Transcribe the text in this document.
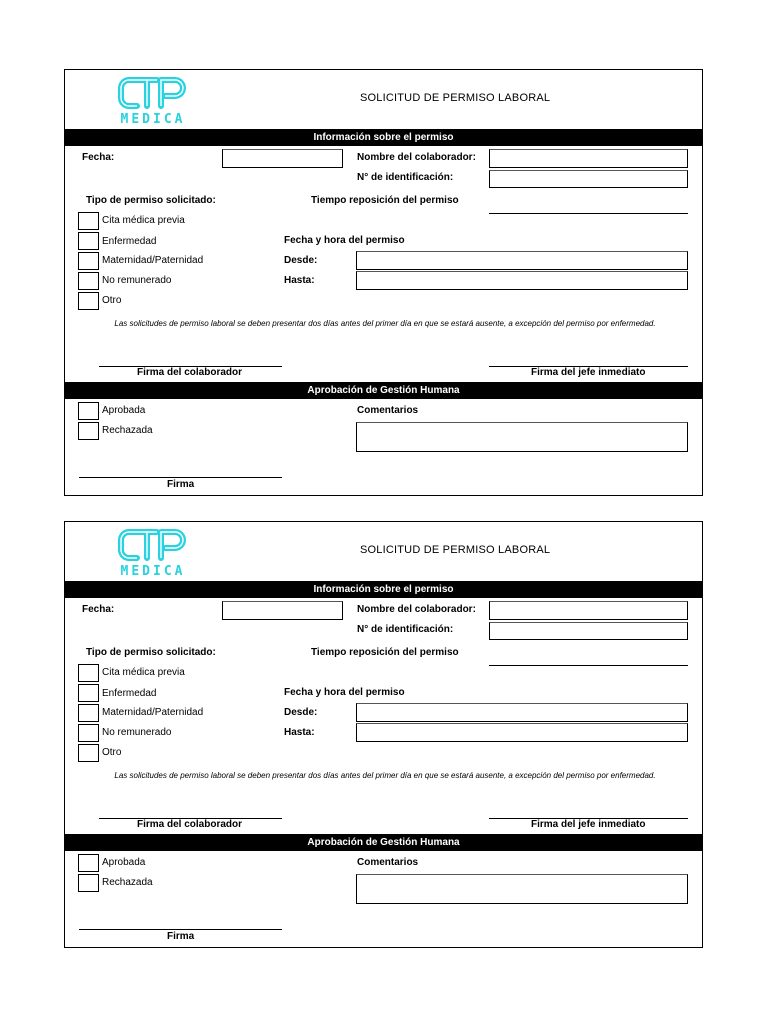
MEDICA
SOLICITUD DE PERMISO LABORAL
Información sobre el permiso
Fecha:	Nombre del colaborador:
N° de identificación:
Tipo de permiso solicitado:	Tiempo reposición del permiso
Cita médica previa
Enfermedad
Maternidad/Paternidad
No remunerado
Otro
Fecha y hora del permiso
Desde:
Hasta:
Las solicitudes de permiso laboral se deben presentar dos días antes del primer día en que se estará ausente, a excepción del permiso por enfermedad.
Firma del colaborador	Firma del jefe inmediato
Aprobación de Gestión Humana
Aprobada
Rechazada
Comentarios
Firma
MEDICA
SOLICITUD DE PERMISO LABORAL
Información sobre el permiso
Fecha:	Nombre del colaborador:
N° de identificación:
Tipo de permiso solicitado:	Tiempo reposición del permiso
Cita médica previa
Enfermedad
Maternidad/Paternidad
No remunerado
Otro
Fecha y hora del permiso
Desde:
Hasta:
Las solicitudes de permiso laboral se deben presentar dos días antes del primer día en que se estará ausente, a excepción del permiso por enfermedad.
Firma del colaborador	Firma del jefe inmediato
Aprobación de Gestión Humana
Aprobada
Rechazada
Comentarios
Firma
